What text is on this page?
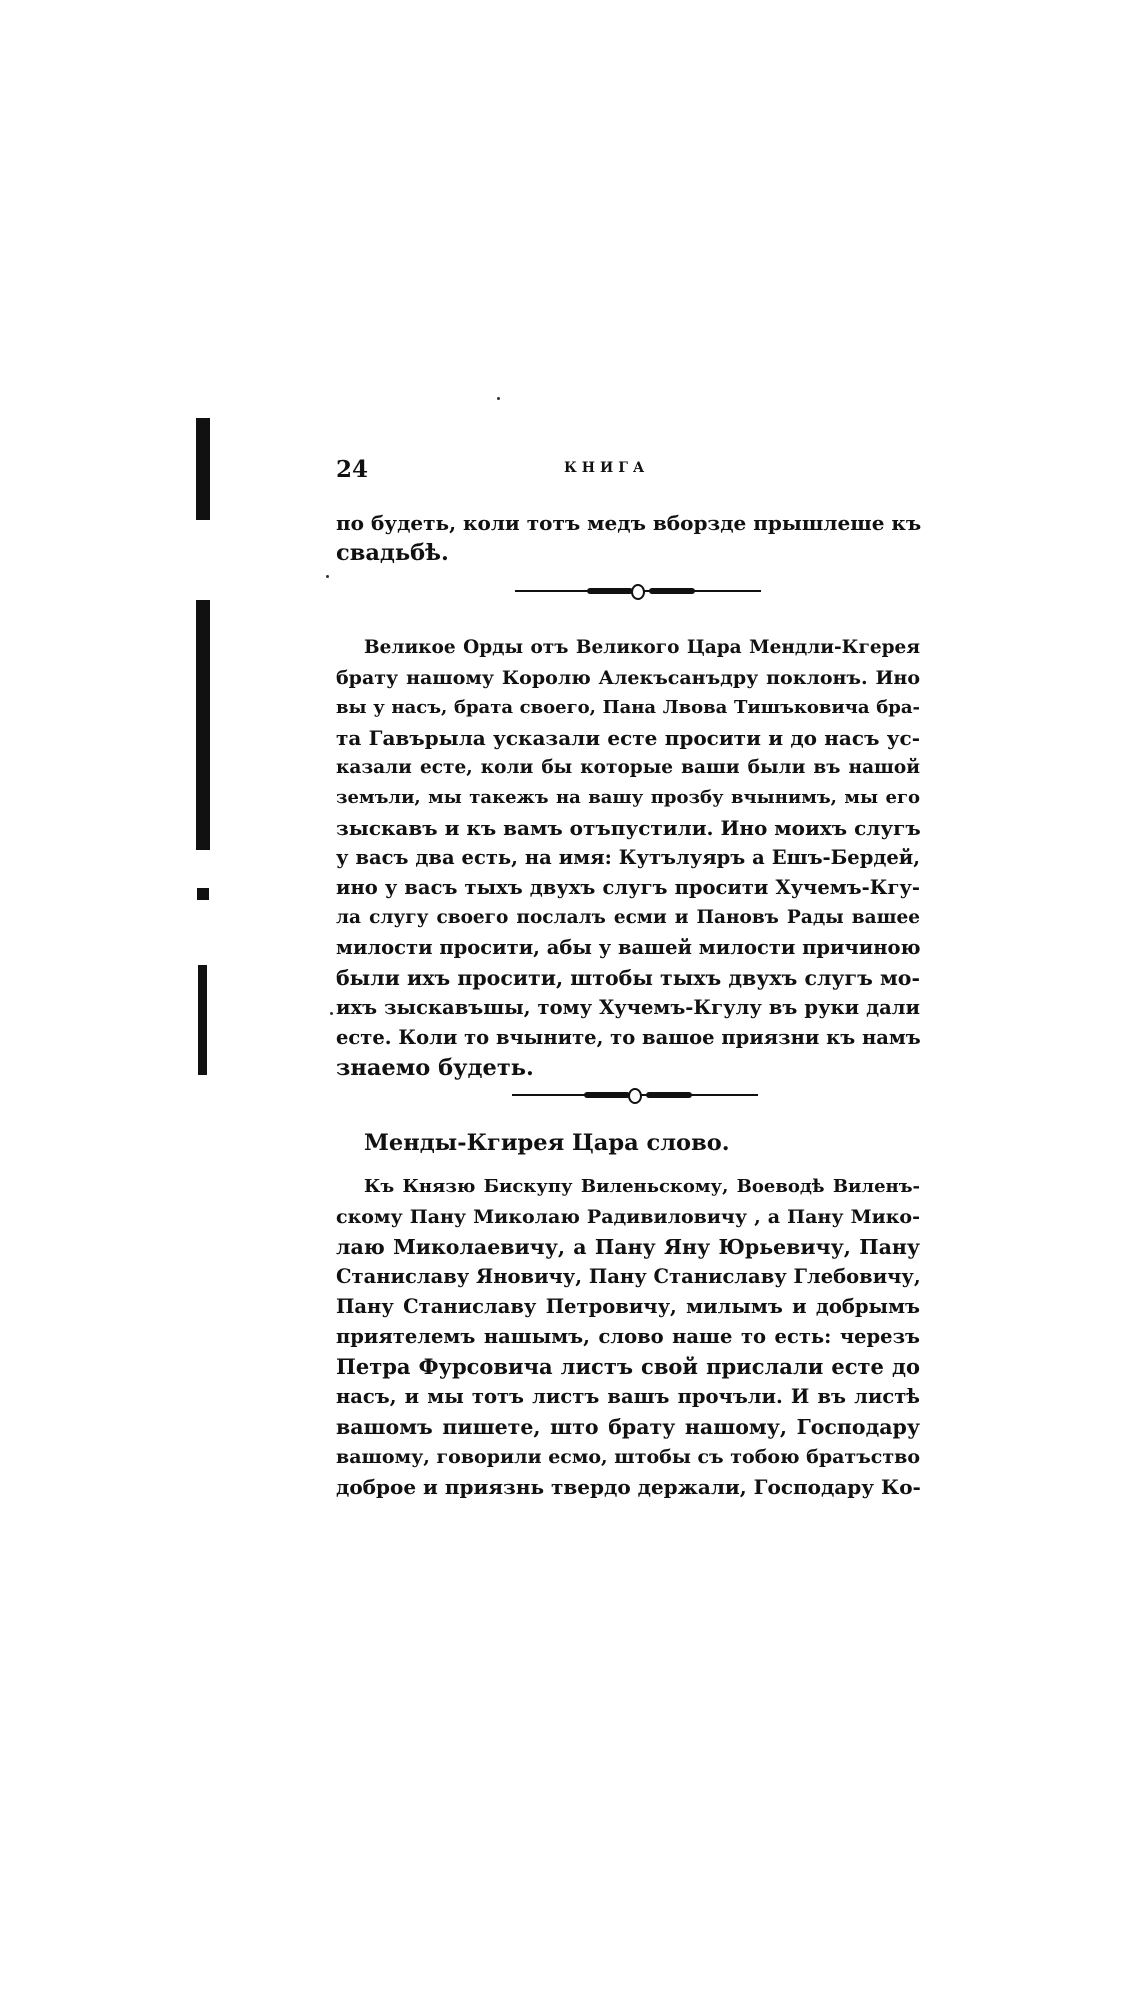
24	КНИГА
по будеть, коли тотъ медъ вборзде прышлеше къ
свадьбѣ.
Великое Орды отъ Великого Цара Мендли-Кгерея
брату нашому Королю Алекъсанъдру поклонъ. Ино
вы у насъ, брата своего, Пана Лвова Тишъковича бра-
та Гавърыла усказали есте просити и до насъ ус-
казали есте, коли бы которые ваши были въ нашой
земъли, мы такежъ на вашу прозбу вчынимъ, мы его
зыскавъ и къ вамъ отъпустили. Ино моихъ слугъ
у васъ два есть, на имя: Кутълуяръ а Ешъ-Бердей,
ино у васъ тыхъ двухъ слугъ просити Хучемъ-Кгу-
ла слугу своего послалъ есми и Пановъ Рады вашее
милости просити, абы у вашей милости причиною
были ихъ просити, штобы тыхъ двухъ слугъ мо-
ихъ зыскавъшы, тому Хучемъ-Кгулу въ руки дали
есте. Коли то вчыните, то вашое приязни къ намъ
знаемо будеть.
Менды-Кгирея Цара слово.
Къ Князю Бискупу Виленьскому, Воеводѣ Виленъ-
скому Пану Миколаю Радивиловичу , а Пану Мико-
лаю Миколаевичу, а Пану Яну Юрьевичу, Пану
Станиславу Яновичу, Пану Станиславу Глебовичу,
Пану Станиславу Петровичу, милымъ и добрымъ
приятелемъ нашымъ, слово наше то есть: черезъ
Петра Фурсовича листъ свой прислали есте до
насъ, и мы тотъ листъ вашъ прочъли. И въ листѣ
вашомъ пишете, што брату нашому, Господару
вашому, говорили есмо, штобы съ тобою братъство
доброе и приязнь твердо держали, Господару Ко-
